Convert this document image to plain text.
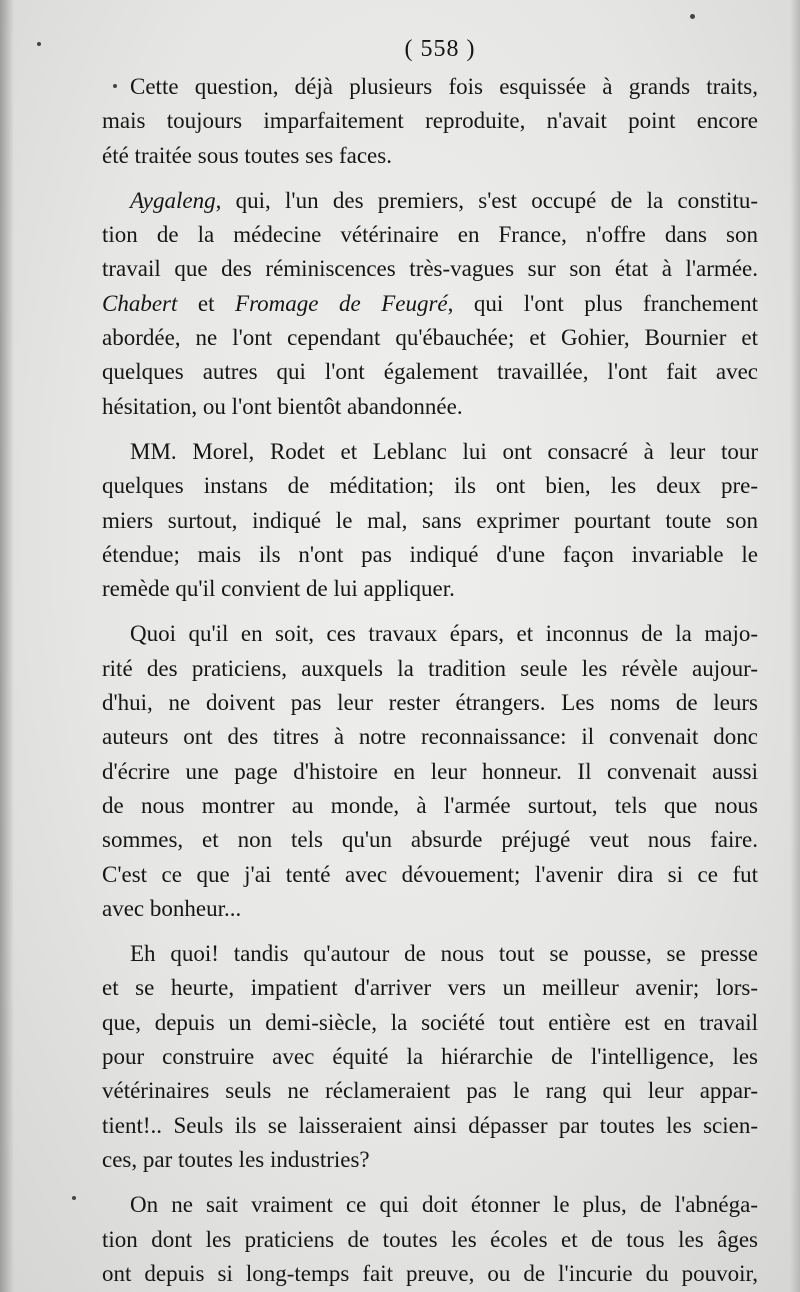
( 558 )
Cette question, déjà plusieurs fois esquissée à grands traits,
mais toujours imparfaitement reproduite, n'avait point encore
été traitée sous toutes ses faces.
Aygaleng, qui, l'un des premiers, s'est occupé de la constitu-
tion de la médecine vétérinaire en France, n'offre dans son
travail que des réminiscences très-vagues sur son état à l'armée.
Chabert et Fromage de Feugré, qui l'ont plus franchement
abordée, ne l'ont cependant qu'ébauchée; et Gohier, Bournier et
quelques autres qui l'ont également travaillée, l'ont fait avec
hésitation, ou l'ont bientôt abandonnée.
MM. Morel, Rodet et Leblanc lui ont consacré à leur tour
quelques instans de méditation; ils ont bien, les deux pre-
miers surtout, indiqué le mal, sans exprimer pourtant toute son
étendue; mais ils n'ont pas indiqué d'une façon invariable le
remède qu'il convient de lui appliquer.
Quoi qu'il en soit, ces travaux épars, et inconnus de la majo-
rité des praticiens, auxquels la tradition seule les révèle aujour-
d'hui, ne doivent pas leur rester étrangers. Les noms de leurs
auteurs ont des titres à notre reconnaissance: il convenait donc
d'écrire une page d'histoire en leur honneur. Il convenait aussi
de nous montrer au monde, à l'armée surtout, tels que nous
sommes, et non tels qu'un absurde préjugé veut nous faire.
C'est ce que j'ai tenté avec dévouement; l'avenir dira si ce fut
avec bonheur...
Eh quoi! tandis qu'autour de nous tout se pousse, se presse
et se heurte, impatient d'arriver vers un meilleur avenir; lors-
que, depuis un demi-siècle, la société tout entière est en travail
pour construire avec équité la hiérarchie de l'intelligence, les
vétérinaires seuls ne réclameraient pas le rang qui leur appar-
tient!.. Seuls ils se laisseraient ainsi dépasser par toutes les scien-
ces, par toutes les industries?
On ne sait vraiment ce qui doit étonner le plus, de l'abnéga-
tion dont les praticiens de toutes les écoles et de tous les âges
ont depuis si long-temps fait preuve, ou de l'incurie du pouvoir,
